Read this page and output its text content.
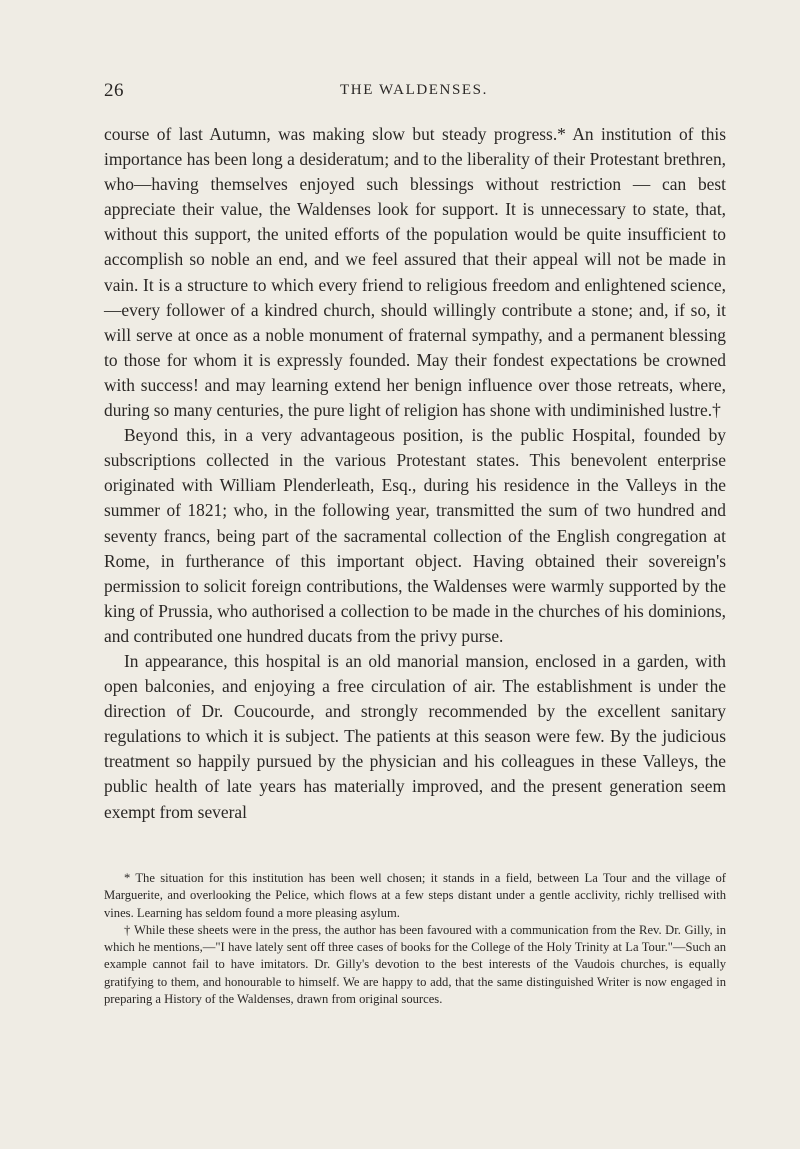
26	THE WALDENSES.

course of last Autumn, was making slow but steady progress.* An institution of this importance has been long a desideratum; and to the liberality of their Protestant brethren, who—having themselves enjoyed such blessings without restriction — can best appreciate their value, the Waldenses look for support. It is unnecessary to state, that, without this support, the united efforts of the population would be quite insufficient to accomplish so noble an end, and we feel assured that their appeal will not be made in vain. It is a structure to which every friend to religious freedom and enlightened science,—every follower of a kindred church, should willingly contribute a stone; and, if so, it will serve at once as a noble monument of fraternal sympathy, and a permanent blessing to those for whom it is expressly founded. May their fondest expectations be crowned with success! and may learning extend her benign influence over those retreats, where, during so many centuries, the pure light of religion has shone with undiminished lustre.†

Beyond this, in a very advantageous position, is the public Hospital, founded by subscriptions collected in the various Protestant states. This benevolent enterprise originated with William Plenderleath, Esq., during his residence in the Valleys in the summer of 1821; who, in the following year, transmitted the sum of two hundred and seventy francs, being part of the sacramental collection of the English congregation at Rome, in furtherance of this important object. Having obtained their sovereign's permission to solicit foreign contributions, the Waldenses were warmly supported by the king of Prussia, who authorised a collection to be made in the churches of his dominions, and contributed one hundred ducats from the privy purse.

In appearance, this hospital is an old manorial mansion, enclosed in a garden, with open balconies, and enjoying a free circulation of air. The establishment is under the direction of Dr. Coucourde, and strongly recommended by the excellent sanitary regulations to which it is subject. The patients at this season were few. By the judicious treatment so happily pursued by the physician and his colleagues in these Valleys, the public health of late years has materially improved, and the present generation seem exempt from several

* The situation for this institution has been well chosen; it stands in a field, between La Tour and the village of Marguerite, and overlooking the Pelice, which flows at a few steps distant under a gentle acclivity, richly trellised with vines. Learning has seldom found a more pleasing asylum.

† While these sheets were in the press, the author has been favoured with a communication from the Rev. Dr. Gilly, in which he mentions,—"I have lately sent off three cases of books for the College of the Holy Trinity at La Tour."—Such an example cannot fail to have imitators. Dr. Gilly's devotion to the best interests of the Vaudois churches, is equally gratifying to them, and honourable to himself. We are happy to add, that the same distinguished Writer is now engaged in preparing a History of the Waldenses, drawn from original sources.
